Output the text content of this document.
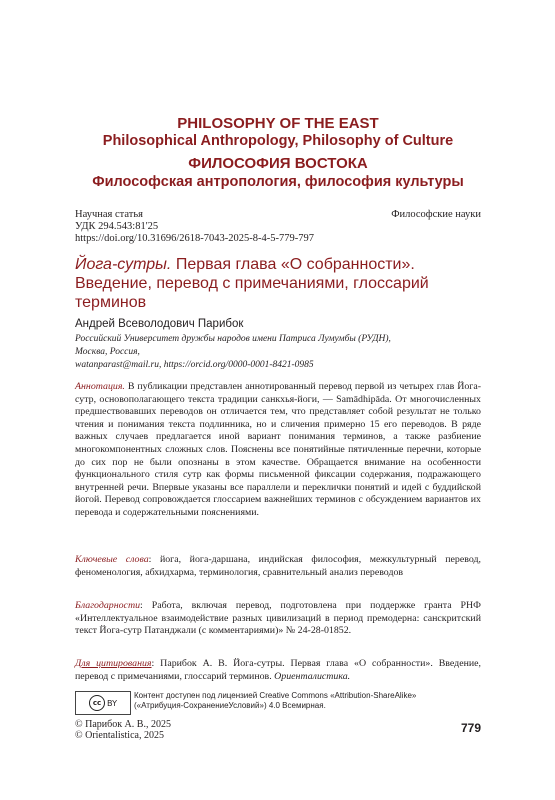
PHILOSOPHY OF THE EAST
Philosophical Anthropology, Philosophy of Culture
ФИЛОСОФИЯ ВОСТОКА
Философская антропология, философия культуры
Научная статья	Философские науки
УДК 294.543:81'25
https://doi.org/10.31696/2618-7043-2025-8-4-5-779-797
Йога-сутры. Первая глава «О собранности». Введение, перевод с примечаниями, глоссарий терминов
Андрей Всеволодович Парибок
Российский Университет дружбы народов имени Патриса Лумумбы (РУДН),
Москва, Россия,
watanparast@mail.ru, https://orcid.org/0000-0001-8421-0985
Аннотация. В публикации представлен аннотированный перевод первой из четырех глав Йога-сутр, основополагающего текста традиции санкхья-йоги, — Samādhipāda. От многочисленных предшествовавших переводов он отличается тем, что представляет собой результат не только чтения и понимания текста подлинника, но и сличения примерно 15 его переводов. В ряде важных случаев предлагается иной вариант понимания терминов, а также разбиение многокомпонентных сложных слов. Пояснены все понятийные пятичленные перечни, которые до сих пор не были опознаны в этом качестве. Обращается внимание на особенности функционального стиля сутр как формы письменной фиксации содержания, подражающего внутренней речи. Впервые указаны все параллели и переклички понятий и идей с буддийской йогой. Перевод сопровождается глоссарием важнейших терминов с обсуждением вариантов их перевода и содержательными пояснениями.
Ключевые слова: йога, йога-даршана, индийская философия, межкультурный перевод, феноменология, абхидхарма, терминология, сравнительный анализ переводов
Благодарности: Работа, включая перевод, подготовлена при поддержке гранта РНФ «Интеллектуальное взаимодействие разных цивилизаций в период премодерна: санскритский текст Йога-сутр Патанджали (с комментариями)» № 24-28-01852.
Для цитирования: Парибок А. В. Йога-сутры. Первая глава «О собранности». Введение, перевод с примечаниями, глоссарий терминов. Ориенталистика.
cc BY
Контент доступен под лицензией Creative Commons «Attribution-ShareAlike»
(«Атрибуция-СохранениеУсловий») 4.0 Всемирная.
© Парибок А. В., 2025
© Orientalistica, 2025
779
